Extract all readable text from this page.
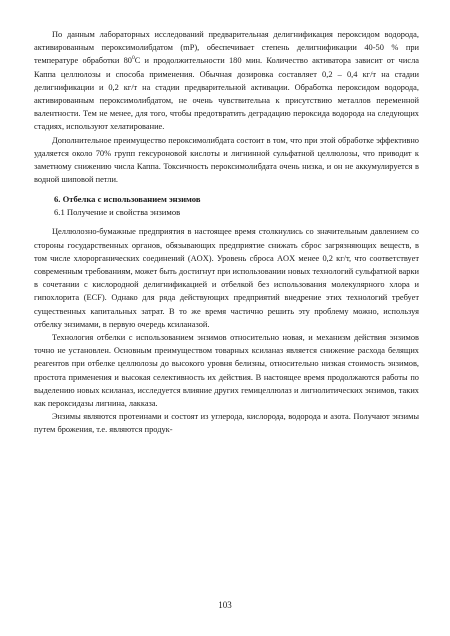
По данным лабораторных исследований предварительная делигнификация пероксидом водорода, активированным пероксимолибдатом (mP), обеспечивает степень делигнификации 40-50 % при температуре обработки $80^0С$ и продолжительности 180 мин. Количество активатора зависит от числа Каппа целлюлозы и способа применения. Обычная дозировка составляет 0,2 – 0,4 кг/т на стадии делигнификации и 0,2 кг/т на стадии предварительной активации. Обработка пероксидом водорода, активированным пероксимолибдатом, не очень чувствительна к присутствию металлов переменной валентности. Тем не менее, для того, чтобы предотвратить деградацию пероксида водорода на следующих стадиях, используют хелатирование.

Дополнительное преимущество пероксимолибдата состоит в том, что при этой обработке эффективно удаляется около 70% групп гексуроновой кислоты и лигнинной сульфатной целлюлозы, что приводит к заметному снижению числа Каппа. Токсичность пероксимолибдата очень низка, и он не аккумулируется в водной шиповой петли.

6. Отбелка с использованием энзимов

6.1 Получение и свойства энзимов

Целлюлозно-бумажные предприятия в настоящее время столкнулись со значительным давлением со стороны государственных органов, обязывающих предприятие снижать сброс загрязняющих веществ, в том числе хлорорганических соединений (AOX). Уровень сброса AOX менее 0,2 кг/т, что соответствует современным требованиям, может быть достигнут при использовании новых технологий сульфатной варки в сочетании с кислородной делигнификацией и отбелкой без использования молекулярного хлора и гипохлорита (ECF). Однако для ряда действующих предприятий внедрение этих технологий требует существенных капитальных затрат. В то же время частично решить эту проблему можно, используя отбелку энзимами, в первую очередь ксиланазой.

Технология отбелки с использованием энзимов относительно новая, и механизм действия энзимов точно не установлен. Основным преимуществом товарных ксиланаз является снижение расхода белящих реагентов при отбелке целлюлозы до высокого уровня белизны, относительно низкая стоимость энзимов, простота применения и высокая селективность их действия. В настоящее время продолжаются работы по выделению новых ксиланаз, исследуется влияние других гемицеллюлаз и лигнолитических энзимов, таких как пероксидазы лигнина, лакказа.

Энзимы являются протеинами и состоят из углерода, кислорода, водорода и азота. Получают энзимы путем брожения, т.е. являются продук-

103
